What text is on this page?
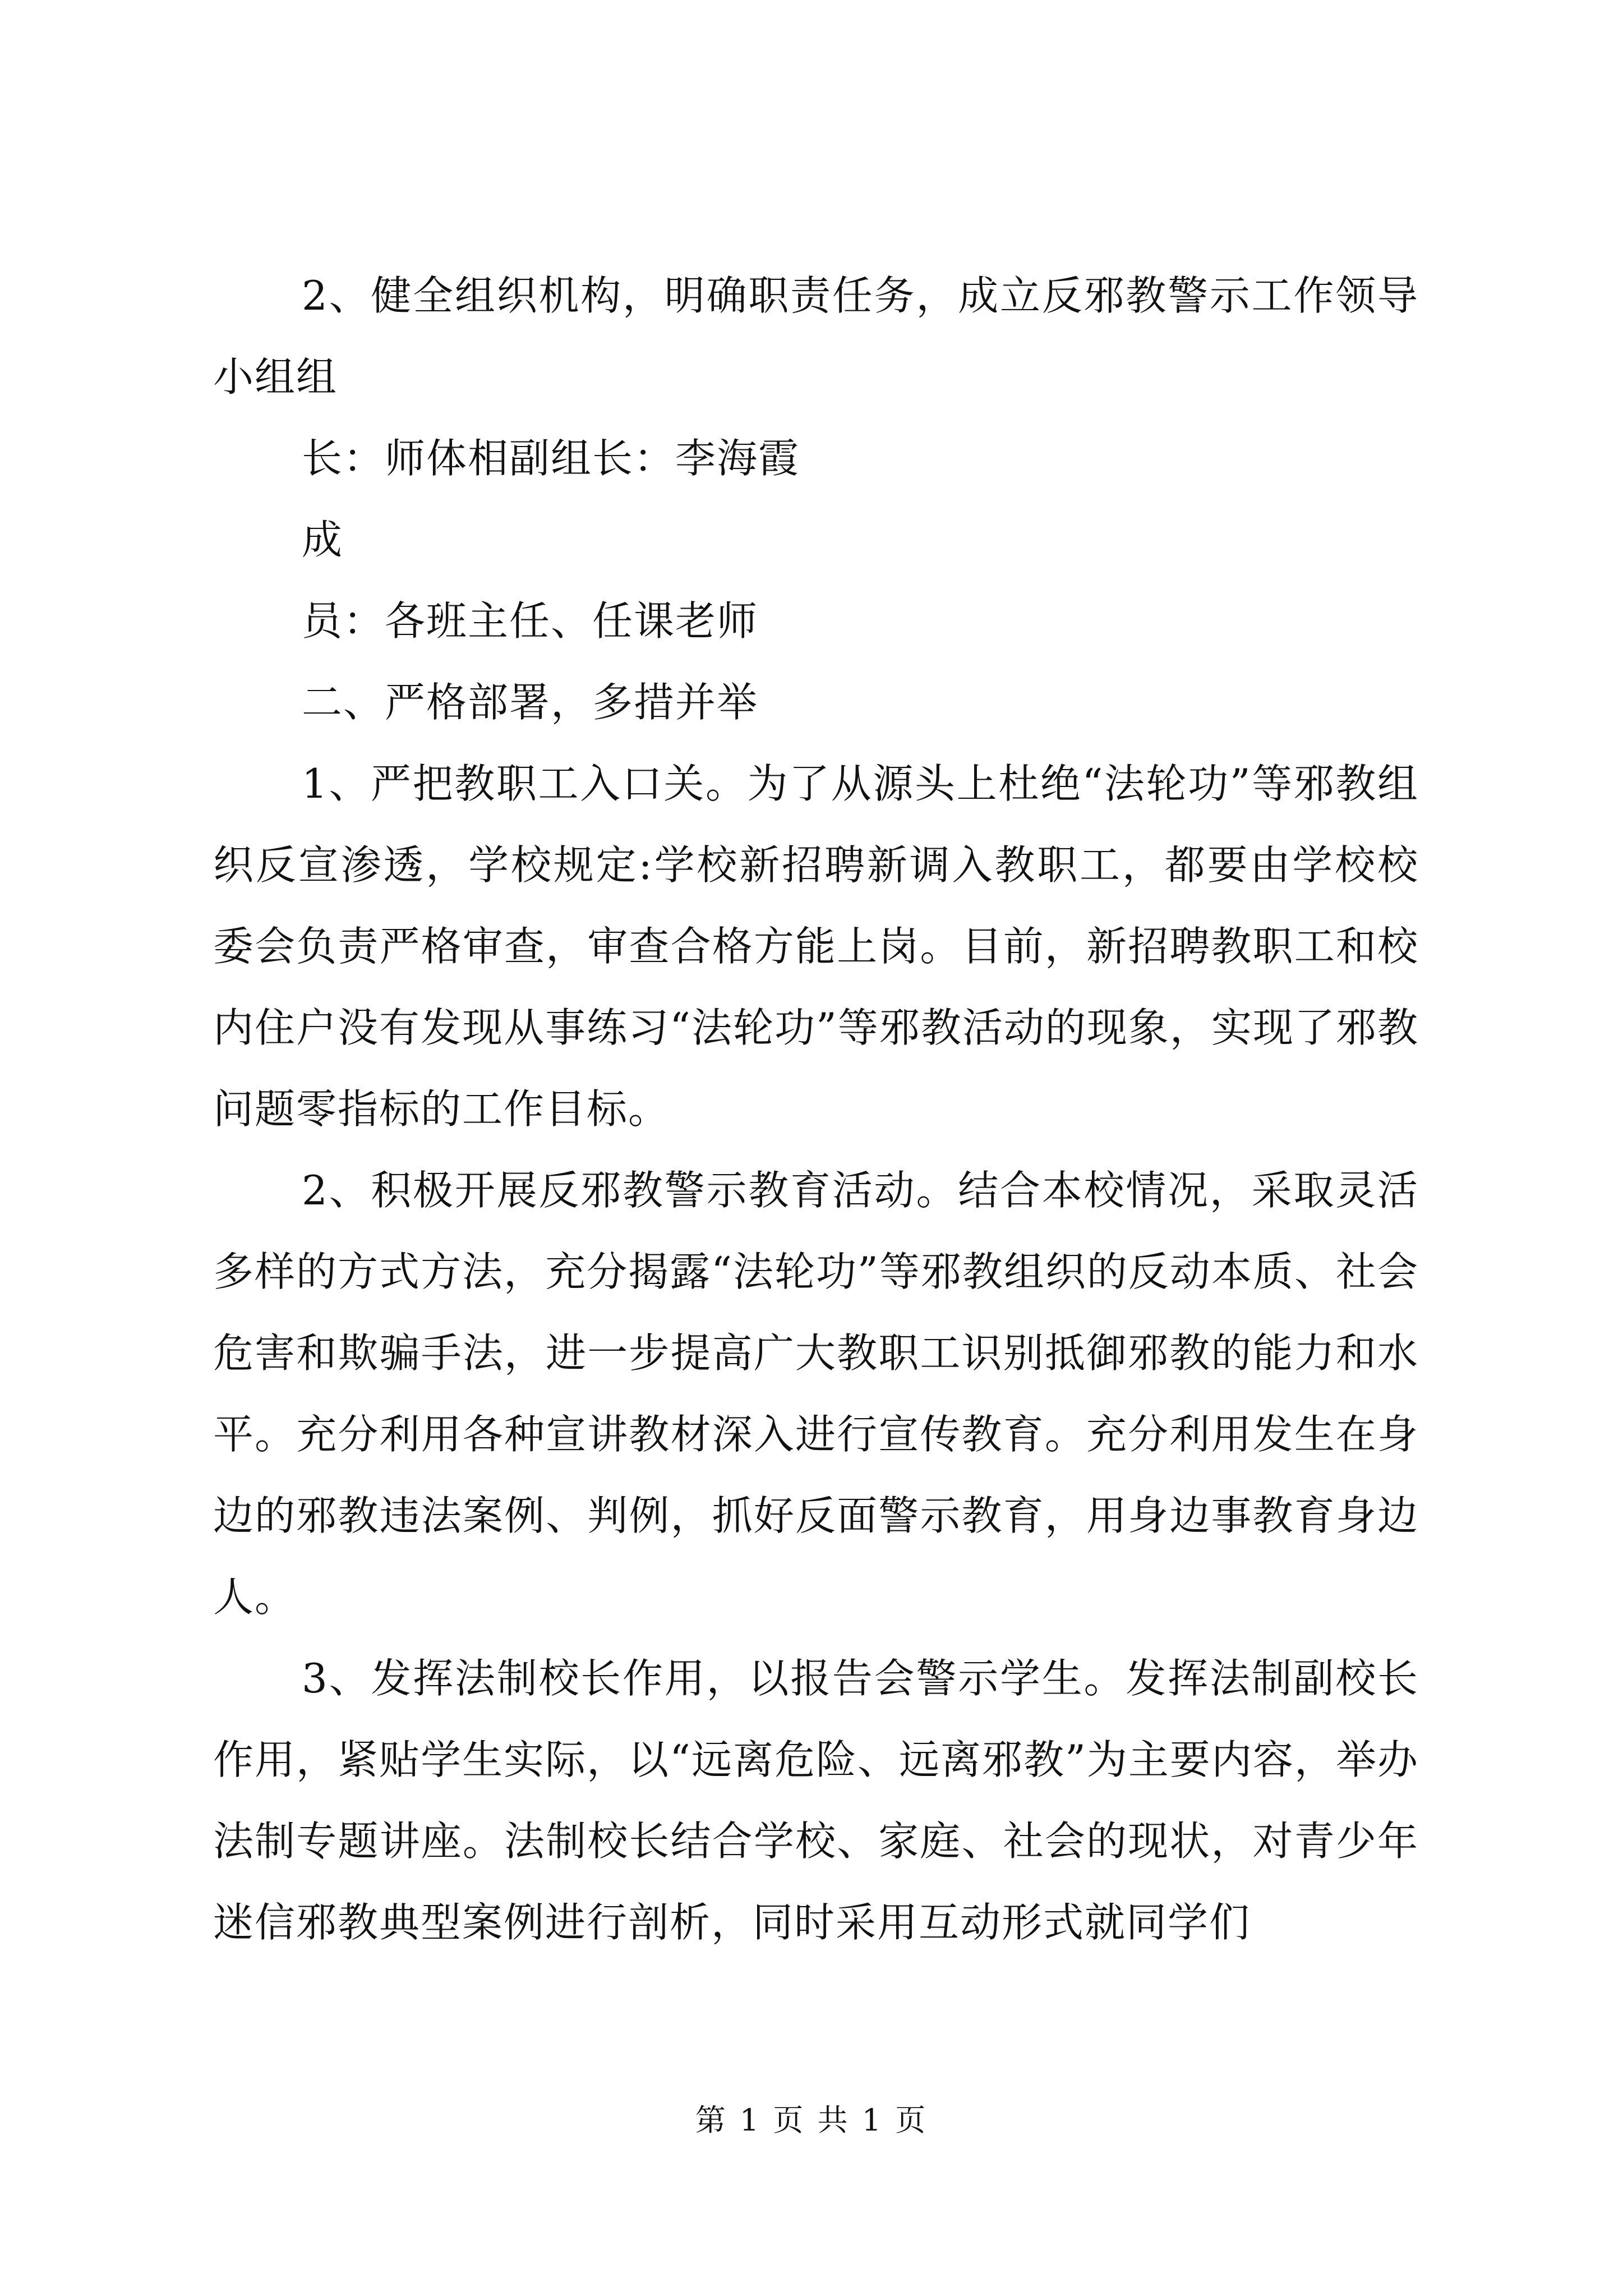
2、健全组织机构，明确职责任务，成立反邪教警示工作领导小组组

长：师体相副组长：李海霞

成

员：各班主任、任课老师

二、严格部署，多措并举

1、严把教职工入口关。为了从源头上杜绝“法轮功”等邪教组织反宣渗透，学校规定:学校新招聘新调入教职工，都要由学校校委会负责严格审查，审查合格方能上岗。目前，新招聘教职工和校内住户没有发现从事练习“法轮功”等邪教活动的现象，实现了邪教问题零指标的工作目标。

2、积极开展反邪教警示教育活动。结合本校情况，采取灵活多样的方式方法，充分揭露“法轮功”等邪教组织的反动本质、社会危害和欺骗手法，进一步提高广大教职工识别抵御邪教的能力和水平。充分利用各种宣讲教材深入进行宣传教育。充分利用发生在身边的邪教违法案例、判例，抓好反面警示教育，用身边事教育身边人。

3、发挥法制校长作用，以报告会警示学生。发挥法制副校长作用，紧贴学生实际，以“远离危险、远离邪教”为主要内容，举办法制专题讲座。法制校长结合学校、家庭、社会的现状，对青少年迷信邪教典型案例进行剖析，同时采用互动形式就同学们

第 1 页 共 1 页
